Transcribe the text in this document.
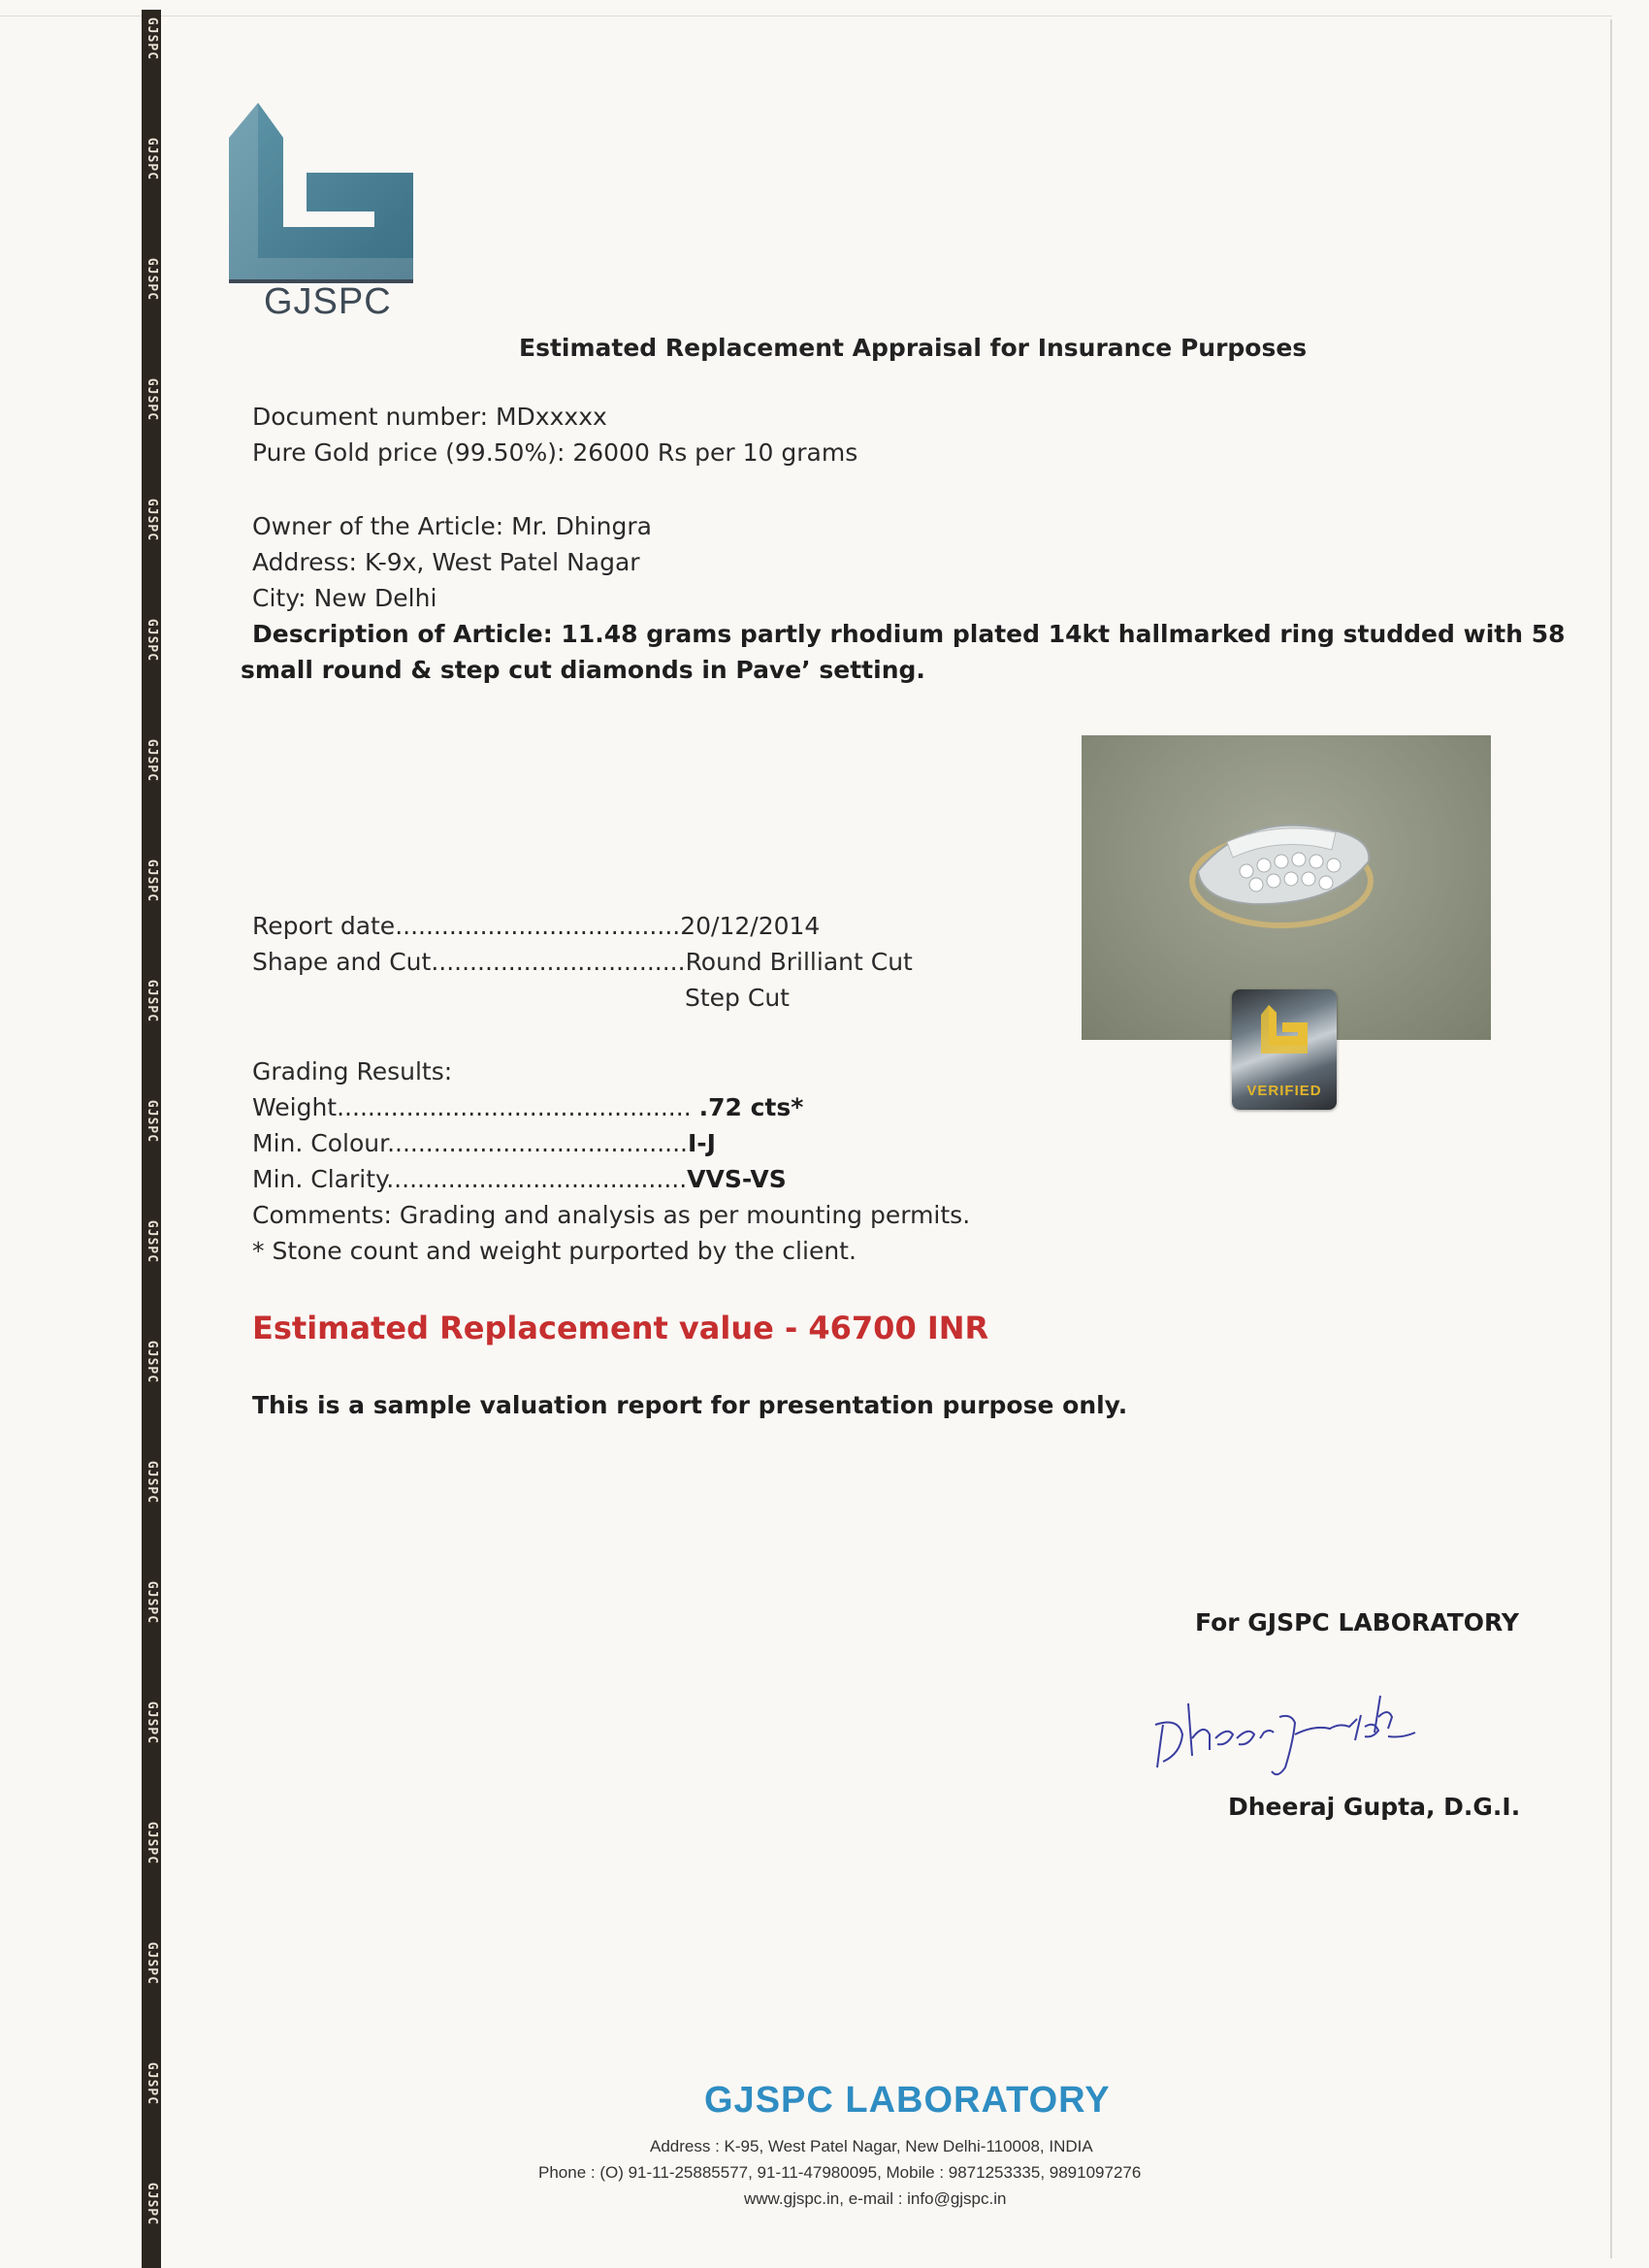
GJSPC
GJSPC
GJSPC
GJSPC
GJSPC
GJSPC
GJSPC
GJSPC
GJSPC
GJSPC
GJSPC
GJSPC
GJSPC
GJSPC
GJSPC
GJSPC
GJSPC
GJSPC
GJSPC
GJSPC
Estimated Replacement Appraisal for Insurance Purposes
Document number: MDxxxxx
Pure Gold price (99.50%): 26000 Rs per 10 grams
Owner of the Article: Mr. Dhingra
Address: K-9x, West Patel Nagar
City: New Delhi
Description of Article: 11.48 grams partly rhodium plated 14kt hallmarked ring studded with 58
small round & step cut diamonds in Pave’ setting.
VERIFIED
Report date.....................................20/12/2014
Shape and Cut.................................Round Brilliant Cut
Step Cut
Grading Results:
Weight.............................................. .72 cts*
Min. Colour.......................................I-J
Min. Clarity.......................................VVS-VS
Comments: Grading and analysis as per mounting permits.
* Stone count and weight purported by the client.
Estimated Replacement value - 46700 INR
This is a sample valuation report for presentation purpose only.
For GJSPC LABORATORY
Dheeraj Gupta, D.G.I.
GJSPC LABORATORY
Address : K-95, West Patel Nagar, New Delhi-110008, INDIA
Phone : (O) 91-11-25885577, 91-11-47980095, Mobile : 9871253335, 9891097276
www.gjspc.in, e-mail : info@gjspc.in
